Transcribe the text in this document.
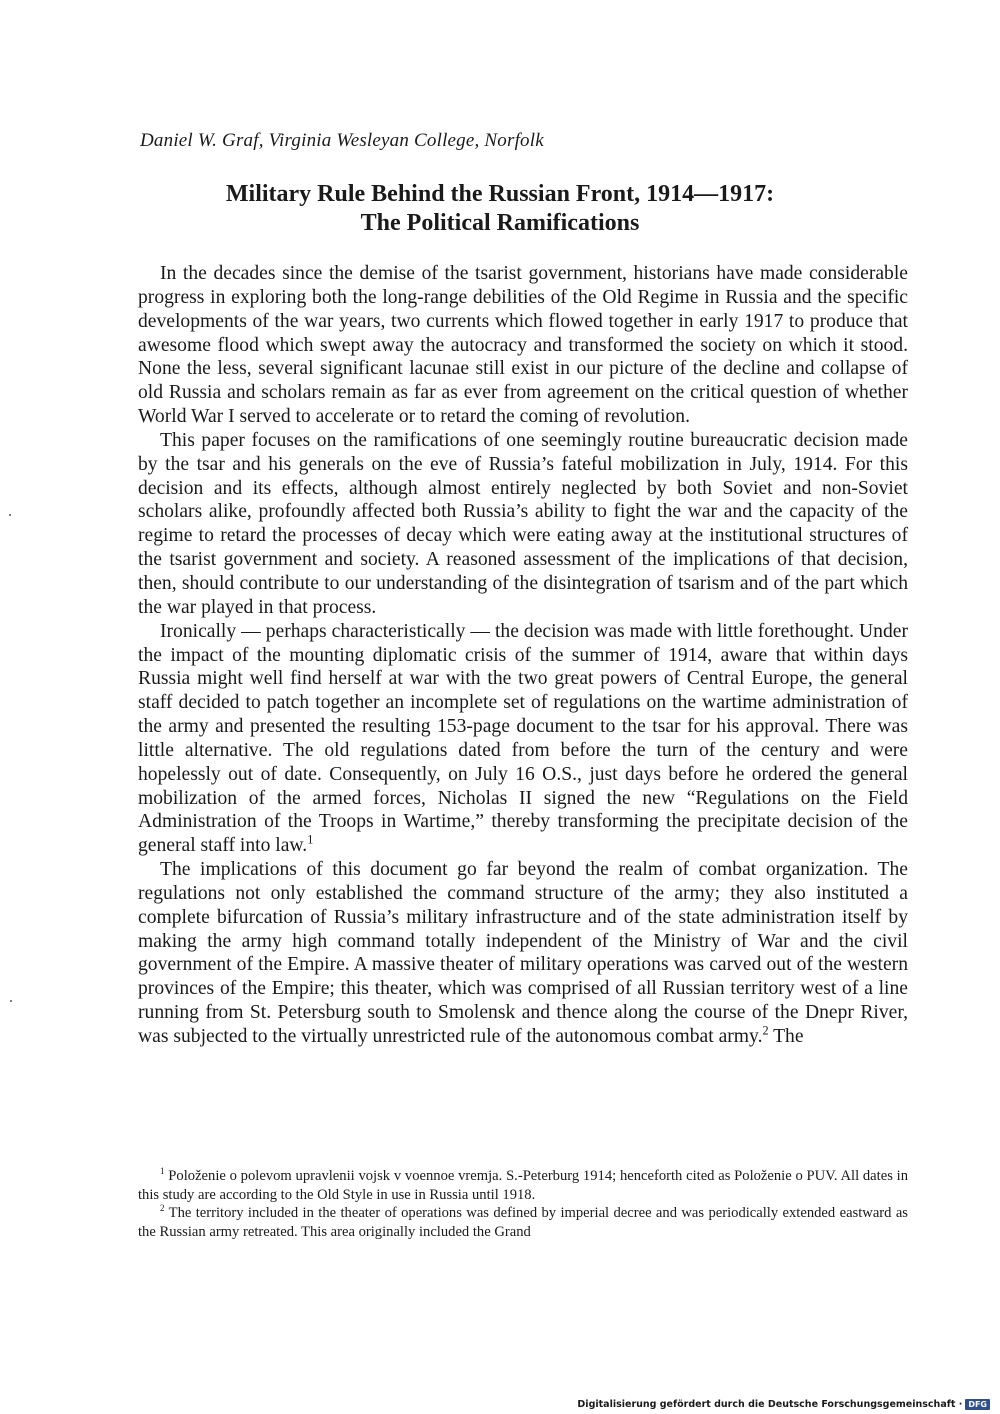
Daniel W. Graf, Virginia Wesleyan College, Norfolk
Military Rule Behind the Russian Front, 1914—1917:
The Political Ramifications

In the decades since the demise of the tsarist government, historians have made considerable progress in exploring both the long-range debilities of the Old Regime in Russia and the specific developments of the war years, two currents which flowed together in early 1917 to produce that awesome flood which swept away the autocracy and transformed the society on which it stood. None the less, several significant lacunae still exist in our picture of the decline and collapse of old Russia and scholars remain as far as ever from agreement on the critical question of whether World War I served to accelerate or to retard the coming of revolution.

This paper focuses on the ramifications of one seemingly routine bureaucratic decision made by the tsar and his generals on the eve of Russia’s fateful mobilization in July, 1914. For this decision and its effects, although almost entirely neglected by both Soviet and non-Soviet scholars alike, profoundly affected both Russia’s ability to fight the war and the capacity of the regime to retard the processes of decay which were eating away at the institutional structures of the tsarist government and society. A reasoned assessment of the implications of that decision, then, should contribute to our understanding of the disintegration of tsarism and of the part which the war played in that process.

Ironically — perhaps characteristically — the decision was made with little forethought. Under the impact of the mounting diplomatic crisis of the summer of 1914, aware that within days Russia might well find herself at war with the two great powers of Central Europe, the general staff decided to patch together an incomplete set of regulations on the wartime administration of the army and presented the resulting 153-page document to the tsar for his approval. There was little alternative. The old regulations dated from before the turn of the century and were hopelessly out of date. Consequently, on July 16 O.S., just days before he ordered the general mobilization of the armed forces, Nicholas II signed the new “Regulations on the Field Administration of the Troops in Wartime,” thereby transforming the precipitate decision of the general staff into law.$^1$

The implications of this document go far beyond the realm of combat organization. The regulations not only established the command structure of the army; they also instituted a complete bifurcation of Russia’s military infrastructure and of the state administration itself by making the army high command totally independent of the Ministry of War and the civil government of the Empire. A massive theater of military operations was carved out of the western provinces of the Empire; this theater, which was comprised of all Russian territory west of a line running from St. Petersburg south to Smolensk and thence along the course of the Dnepr River, was subjected to the virtually unrestricted rule of the autonomous combat army.$^2$ The

$^1$ Položenie o polevom upravlenii vojsk v voennoe vremja. S.-Peterburg 1914; henceforth cited as Položenie o PUV. All dates in this study are according to the Old Style in use in Russia until 1918.

$^2$ The territory included in the theater of operations was defined by imperial decree and was periodically extended eastward as the Russian army retreated. This area originally included the Grand

Digitalisierung gefördert durch die Deutsche Forschungsgemeinschaft · DFG
